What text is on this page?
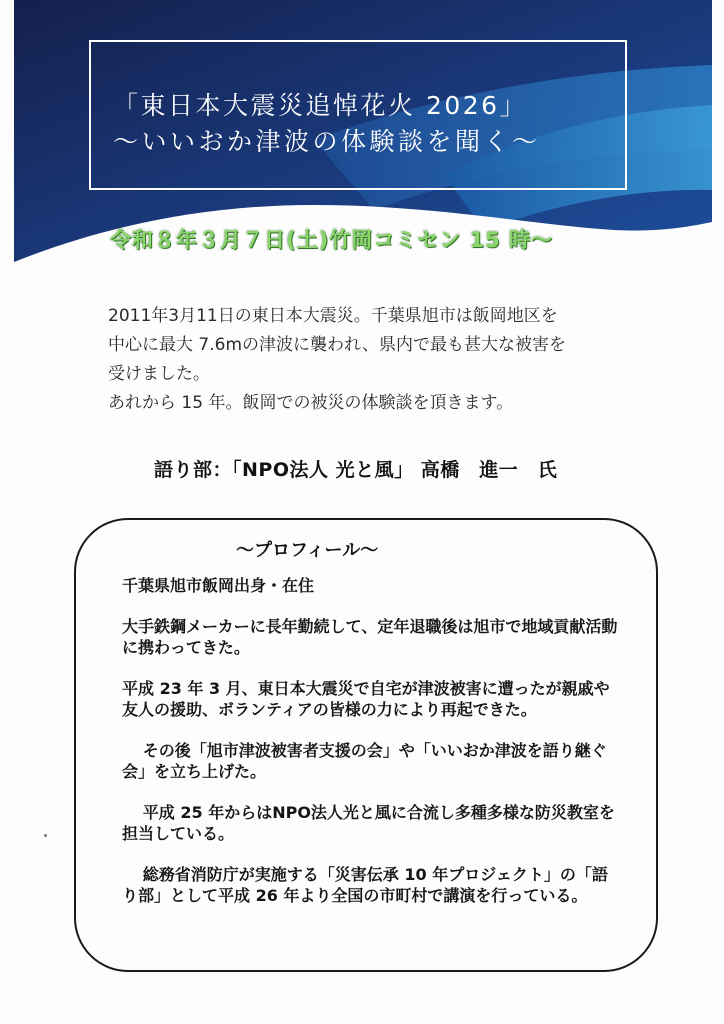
「東日本大震災追悼花火 2026」
～いいおか津波の体験談を聞く～
令和８年３月７日(土)竹岡コミセン 15 時～

2011年3月11日の東日本大震災。千葉県旭市は飯岡地区を

中心に最大 7.6mの津波に襲われ、県内で最も甚大な被害を

受けました。

あれから 15 年。飯岡での被災の体験談を頂きます。

語り部：「NPO法人 光と風」 高橋　進一　氏
～プロフィール～

千葉県旭市飯岡出身・在住

大手鉄鋼メーカーに長年勤続して、定年退職後は旭市で地域貢献活動に携わってきた。

平成 23 年 3 月、東日本大震災で自宅が津波被害に遭ったが親戚や友人の援助、ボランティアの皆様の力により再起できた。

その後「旭市津波被害者支援の会」や「いいおか津波を語り継ぐ会」を立ち上げた。

平成 25 年からはNPO法人光と風に合流し多種多様な防災教室を担当している。

総務省消防庁が実施する「災害伝承 10 年プロジェクト」の「語り部」として平成 26 年より全国の市町村で講演を行っている。
